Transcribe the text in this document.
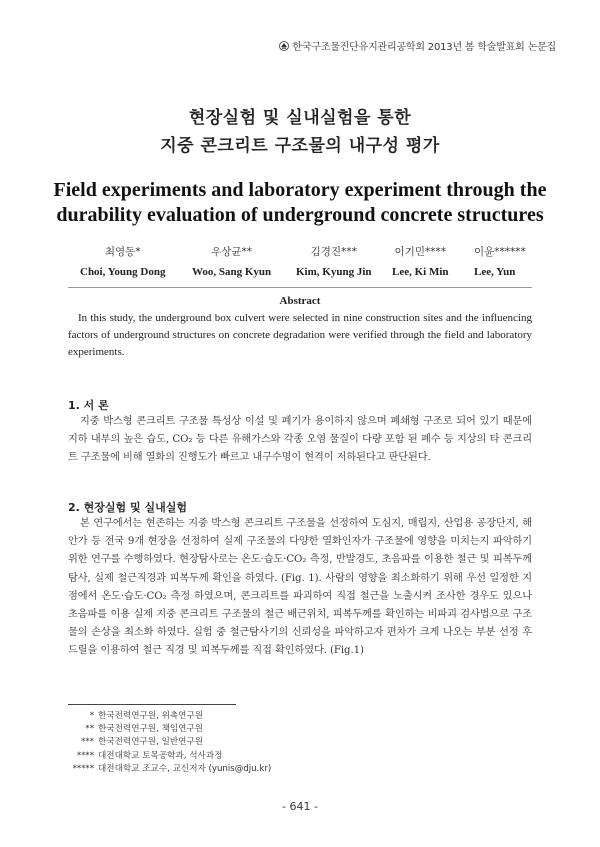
한국구조물진단유지관리공학회 2013년 봄 학술발표회 논문집
현장실험 및 실내실험을 통한
지중 콘크리트 구조물의 내구성 평가
Field experiments and laboratory experiment through the
durability evaluation of underground concrete structures
최영동*
Choi, Young Dong
우상균**
Woo, Sang Kyun
김경진***
Kim, Kyung Jin
이기민****
Lee, Ki Min
이윤******
Lee, Yun
Abstract
In this study, the underground box culvert were selected in nine construction sites and the influencing factors of underground structures on concrete degradation were verified through the field and laboratory experiments.
1. 서 론
지중 박스형 콘크리트 구조물 특성상 이설 및 폐기가 용이하지 않으며 폐쇄형 구조로 되어 있기 때문에 지하 내부의 높은 습도, CO₂ 등 다른 유해가스와 각종 오염 물질이 다량 포함 된 폐수 등 지상의 타 콘크리트 구조물에 비해 열화의 진행도가 빠르고 내구수명이 현격이 저하된다고 판단된다.
2. 현장실험 및 실내실험
본 연구에서는 현존하는 지중 박스형 콘크리트 구조물을 선정하여 도심지, 매립지, 산업용 공장단지, 해안가 등 전국 9개 현장을 선정하여 실제 구조물의 다양한 열화인자가 구조물에 영향을 미치는지 파악하기 위한 연구를 수행하였다. 현장탐사로는 온도·습도·CO₂ 측정, 반발경도, 초음파를 이용한 철근 및 피복두께 탐사, 실제 철근직경과 피복두께 확인을 하였다. (Fig. 1). 사람의 영향을 최소화하기 위해 우선 일정한 지점에서 온도·습도·CO₂ 측정 하였으며, 콘크리트를 파괴하여 직접 철근을 노출시켜 조사한 경우도 있으나 초음파를 이용 실제 지중 콘크리트 구조물의 철근 배근위치, 피복두께를 확인하는 비파괴 검사법으로 구조물의 손상을 최소화 하였다. 실험 중 철근탐사기의 신뢰성을 파악하고자 편차가 크게 나오는 부분 선정 후 드릴을 이용하여 철근 직경 및 피복두께를 직접 확인하였다. (Fig.1)
* 한국전력연구원, 위촉연구원
** 한국전력연구원, 책임연구원
*** 한국전력연구원, 일반연구원
**** 대전대학교 토목공학과, 석사과정
***** 대전대학교 조교수, 교신저자 (yunis@dju.kr)
- 641 -
